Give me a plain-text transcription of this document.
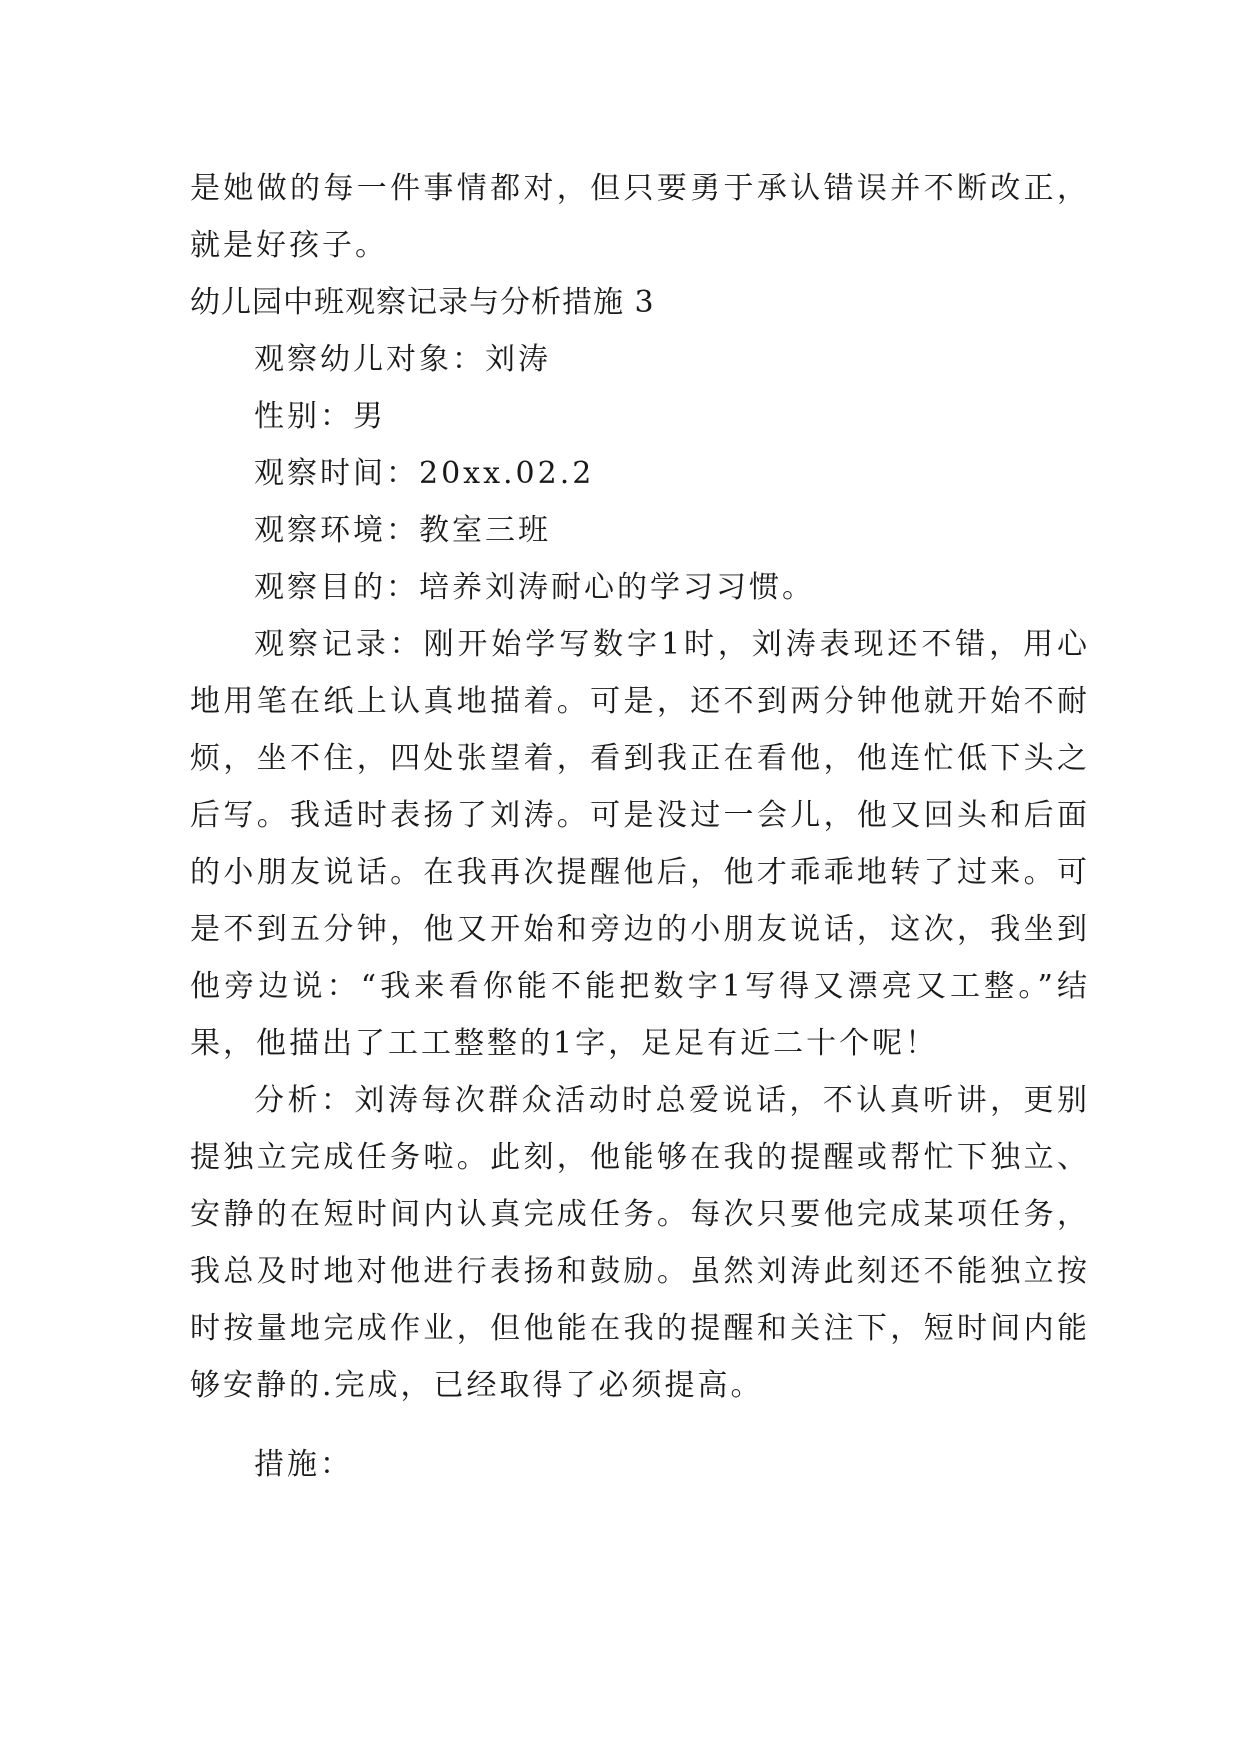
是她做的每一件事情都对，但只要勇于承认错误并不断改正，就是好孩子。

幼儿园中班观察记录与分析措施 3

观察幼儿对象：刘涛

性别：男

观察时间：20xx.02.2

观察环境：教室三班

观察目的：培养刘涛耐心的学习习惯。

观察记录：刚开始学写数字1时，刘涛表现还不错，用心地用笔在纸上认真地描着。可是，还不到两分钟他就开始不耐烦，坐不住，四处张望着，看到我正在看他，他连忙低下头之后写。我适时表扬了刘涛。可是没过一会儿，他又回头和后面的小朋友说话。在我再次提醒他后，他才乖乖地转了过来。可是不到五分钟，他又开始和旁边的小朋友说话，这次，我坐到他旁边说：“我来看你能不能把数字1写得又漂亮又工整。”结果，他描出了工工整整的1字，足足有近二十个呢！

分析：刘涛每次群众活动时总爱说话，不认真听讲，更别提独立完成任务啦。此刻，他能够在我的提醒或帮忙下独立、安静的在短时间内认真完成任务。每次只要他完成某项任务，我总及时地对他进行表扬和鼓励。虽然刘涛此刻还不能独立按时按量地完成作业，但他能在我的提醒和关注下，短时间内能够安静的.完成，已经取得了必须提高。

措施：
